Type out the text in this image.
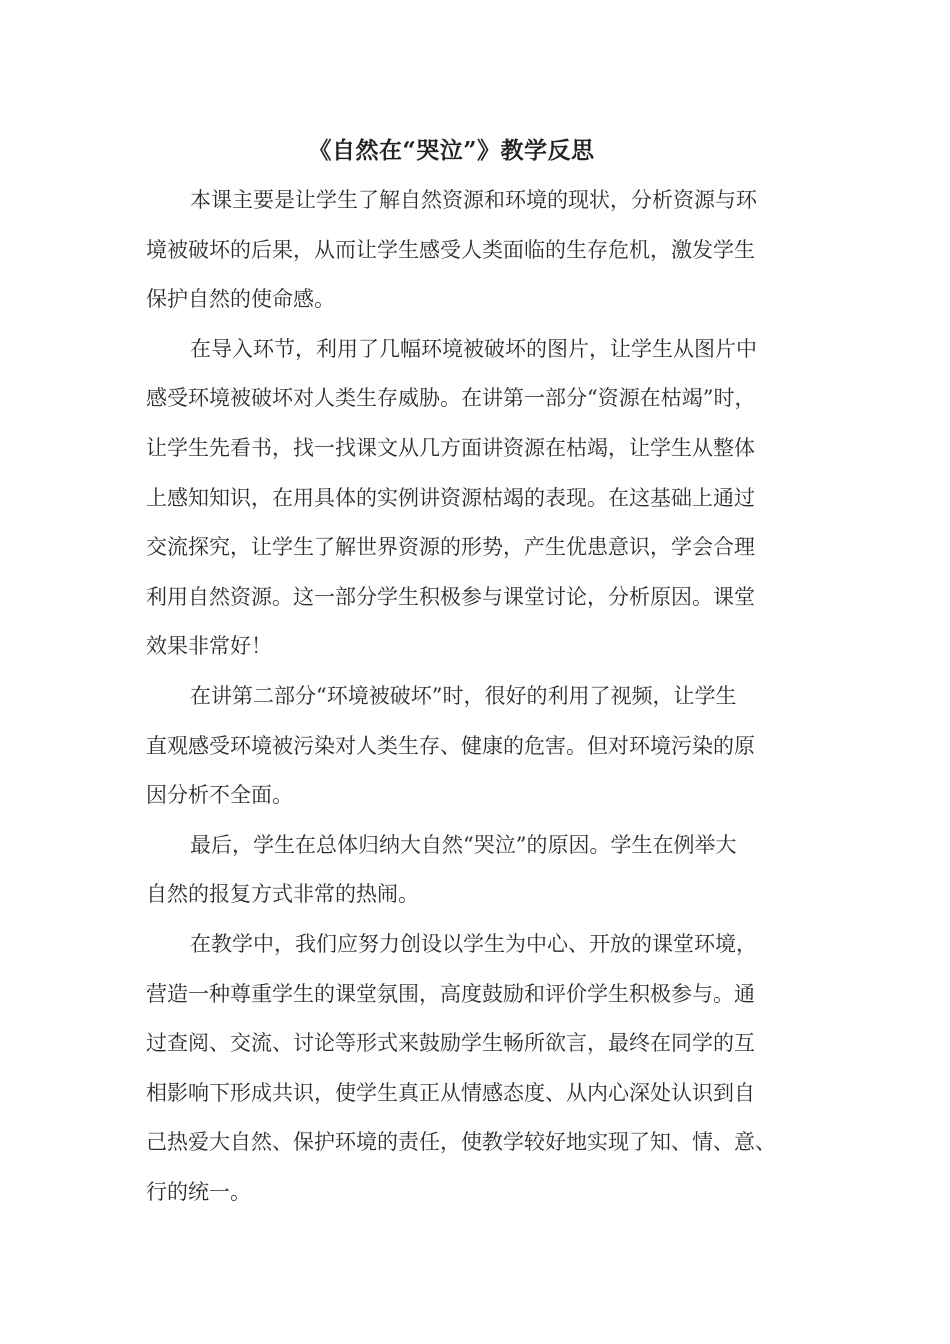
《自然在“哭泣”》教学反思
本课主要是让学生了解自然资源和环境的现状，分析资源与环
境被破坏的后果，从而让学生感受人类面临的生存危机，激发学生
保护自然的使命感。
在导入环节，利用了几幅环境被破坏的图片，让学生从图片中
感受环境被破坏对人类生存威胁。在讲第一部分“资源在枯竭”时，
让学生先看书，找一找课文从几方面讲资源在枯竭，让学生从整体
上感知知识，在用具体的实例讲资源枯竭的表现。在这基础上通过
交流探究，让学生了解世界资源的形势，产生优患意识，学会合理
利用自然资源。这一部分学生积极参与课堂讨论，分析原因。课堂
效果非常好！
在讲第二部分“环境被破坏”时，很好的利用了视频，让学生
直观感受环境被污染对人类生存、健康的危害。但对环境污染的原
因分析不全面。
最后，学生在总体归纳大自然“哭泣”的原因。学生在例举大
自然的报复方式非常的热闹。
在教学中，我们应努力创设以学生为中心、开放的课堂环境，
营造一种尊重学生的课堂氛围，高度鼓励和评价学生积极参与。通
过查阅、交流、讨论等形式来鼓励学生畅所欲言，最终在同学的互
相影响下形成共识，使学生真正从情感态度、从内心深处认识到自
己热爱大自然、保护环境的责任，使教学较好地实现了知、情、意、
行的统一。
